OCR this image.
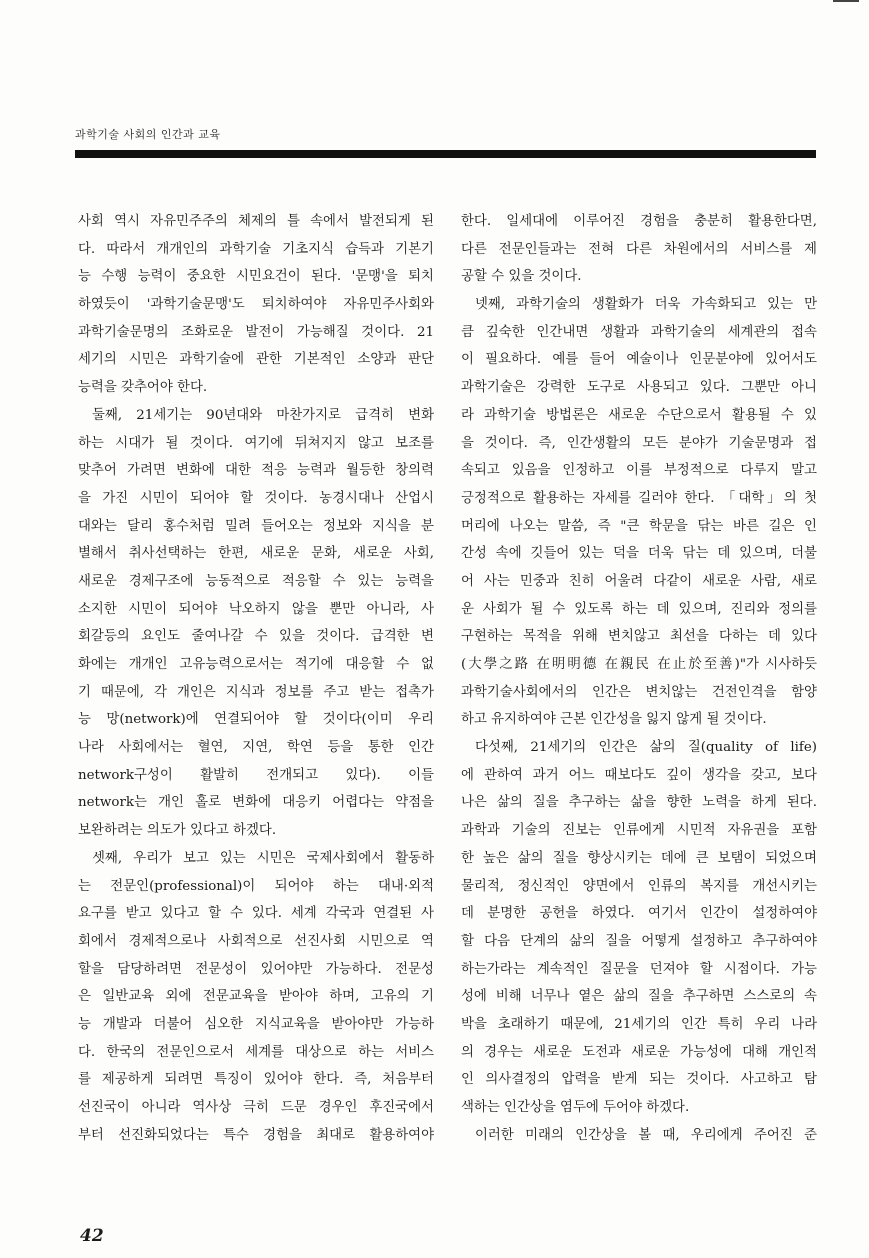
과학기술 사회의 인간과 교육
사회 역시 자유민주주의 체제의 틀 속에서 발전되게 된
다. 따라서 개개인의 과학기술 기초지식 습득과 기본기
능 수행 능력이 중요한 시민요건이 된다. '문맹'을 퇴치
하였듯이 '과학기술문맹'도 퇴치하여야 자유민주사회와
과학기술문명의 조화로운 발전이 가능해질 것이다. 21
세기의 시민은 과학기술에 관한 기본적인 소양과 판단
능력을 갖추어야 한다.
둘째, 21세기는 90년대와 마찬가지로 급격히 변화
하는 시대가 될 것이다. 여기에 뒤쳐지지 않고 보조를
맞추어 가려면 변화에 대한 적응 능력과 월등한 창의력
을 가진 시민이 되어야 할 것이다. 농경시대나 산업시
대와는 달리 홍수처럼 밀려 들어오는 정보와 지식을 분
별해서 취사선택하는 한편, 새로운 문화, 새로운 사회,
새로운 경제구조에 능동적으로 적응할 수 있는 능력을
소지한 시민이 되어야 낙오하지 않을 뿐만 아니라, 사
회갈등의 요인도 줄여나갈 수 있을 것이다. 급격한 변
화에는 개개인 고유능력으로서는 적기에 대응할 수 없
기 때문에, 각 개인은 지식과 정보를 주고 받는 접촉가
능 망(network)에 연결되어야 할 것이다(이미 우리
나라 사회에서는 혈연, 지연, 학연 등을 통한 인간
network구성이 활발히 전개되고 있다). 이들
network는 개인 홀로 변화에 대응키 어렵다는 약점을
보완하려는 의도가 있다고 하겠다.
셋째, 우리가 보고 있는 시민은 국제사회에서 활동하
는 전문인(professional)이 되어야 하는 대내·외적
요구를 받고 있다고 할 수 있다. 세계 각국과 연결된 사
회에서 경제적으로나 사회적으로 선진사회 시민으로 역
할을 담당하려면 전문성이 있어야만 가능하다. 전문성
은 일반교육 외에 전문교육을 받아야 하며, 고유의 기
능 개발과 더불어 심오한 지식교육을 받아야만 가능하
다. 한국의 전문인으로서 세계를 대상으로 하는 서비스
를 제공하게 되려면 특징이 있어야 한다. 즉, 처음부터
선진국이 아니라 역사상 극히 드문 경우인 후진국에서
부터 선진화되었다는 특수 경험을 최대로 활용하여야
한다. 일세대에 이루어진 경험을 충분히 활용한다면,
다른 전문인들과는 전혀 다른 차원에서의 서비스를 제
공할 수 있을 것이다.
넷째, 과학기술의 생활화가 더욱 가속화되고 있는 만
큼 깊숙한 인간내면 생활과 과학기술의 세계관의 접속
이 필요하다. 예를 들어 예술이나 인문분야에 있어서도
과학기술은 강력한 도구로 사용되고 있다. 그뿐만 아니
라 과학기술 방법론은 새로운 수단으로서 활용될 수 있
을 것이다. 즉, 인간생활의 모든 분야가 기술문명과 접
속되고 있음을 인정하고 이를 부정적으로 다루지 말고
긍정적으로 활용하는 자세를 길러야 한다. 「대학」의 첫
머리에 나오는 말씀, 즉 "큰 학문을 닦는 바른 길은 인
간성 속에 깃들어 있는 덕을 더욱 닦는 데 있으며, 더불
어 사는 민중과 친히 어울려 다같이 새로운 사람, 새로
운 사회가 될 수 있도록 하는 데 있으며, 진리와 정의를
구현하는 목적을 위해 변치않고 최선을 다하는 데 있다
(大學之路 在明明德 在親民 在止於至善)"가 시사하듯
과학기술사회에서의 인간은 변치않는 건전인격을 함양
하고 유지하여야 근본 인간성을 잃지 않게 될 것이다.
다섯째, 21세기의 인간은 삶의 질(quality of life)
에 관하여 과거 어느 때보다도 깊이 생각을 갖고, 보다
나은 삶의 질을 추구하는 삶을 향한 노력을 하게 된다.
과학과 기술의 진보는 인류에게 시민적 자유권을 포함
한 높은 삶의 질을 향상시키는 데에 큰 보탬이 되었으며
물리적, 정신적인 양면에서 인류의 복지를 개선시키는
데 분명한 공헌을 하였다. 여기서 인간이 설정하여야
할 다음 단계의 삶의 질을 어떻게 설정하고 추구하여야
하는가라는 계속적인 질문을 던져야 할 시점이다. 가능
성에 비해 너무나 옅은 삶의 질을 추구하면 스스로의 속
박을 초래하기 때문에, 21세기의 인간 특히 우리 나라
의 경우는 새로운 도전과 새로운 가능성에 대해 개인적
인 의사결정의 압력을 받게 되는 것이다. 사고하고 탐
색하는 인간상을 염두에 두어야 하겠다.
이러한 미래의 인간상을 볼 때, 우리에게 주어진 준
42
